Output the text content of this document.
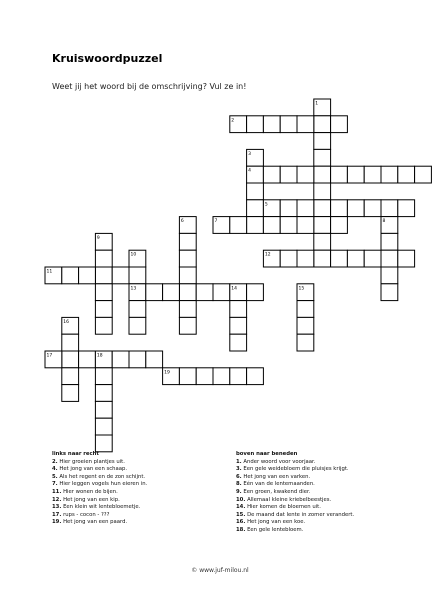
Kruiswoordpuzzel
Weet jij het woord bij de omschrijving? Vul ze in!
1
2
3
4
5
6	7	8
9
10
11
12
13	14	15
16
17	18
19
links naar recht
2. Hier groeien plantjes uit.
4. Het jong van een schaap.
5. Als het regent en de zon schijnt.
7. Hier leggen vogels hun eieren in.
11. Hier wonen de bijen.
12. Het jong van een kip.
13. Een klein wit lentebloemetje.
17. rups - cocon - ???
19. Het jong van een paard.
boven naar beneden
1. Ander woord voor voorjaar.
3. Een gele weidebloem die pluisjes krijgt.
6. Het jong van een varken.
8. Eén van de lentemaanden.
9. Een groen, kwakend dier.
10. Allemaal kleine kriebelbeestjes.
14. Hier komen de bloemen uit.
15. De maand dat lente in zomer verandert.
16. Het jong van een koe.
18. Een gele lentebloem.
© www.juf-milou.nl
